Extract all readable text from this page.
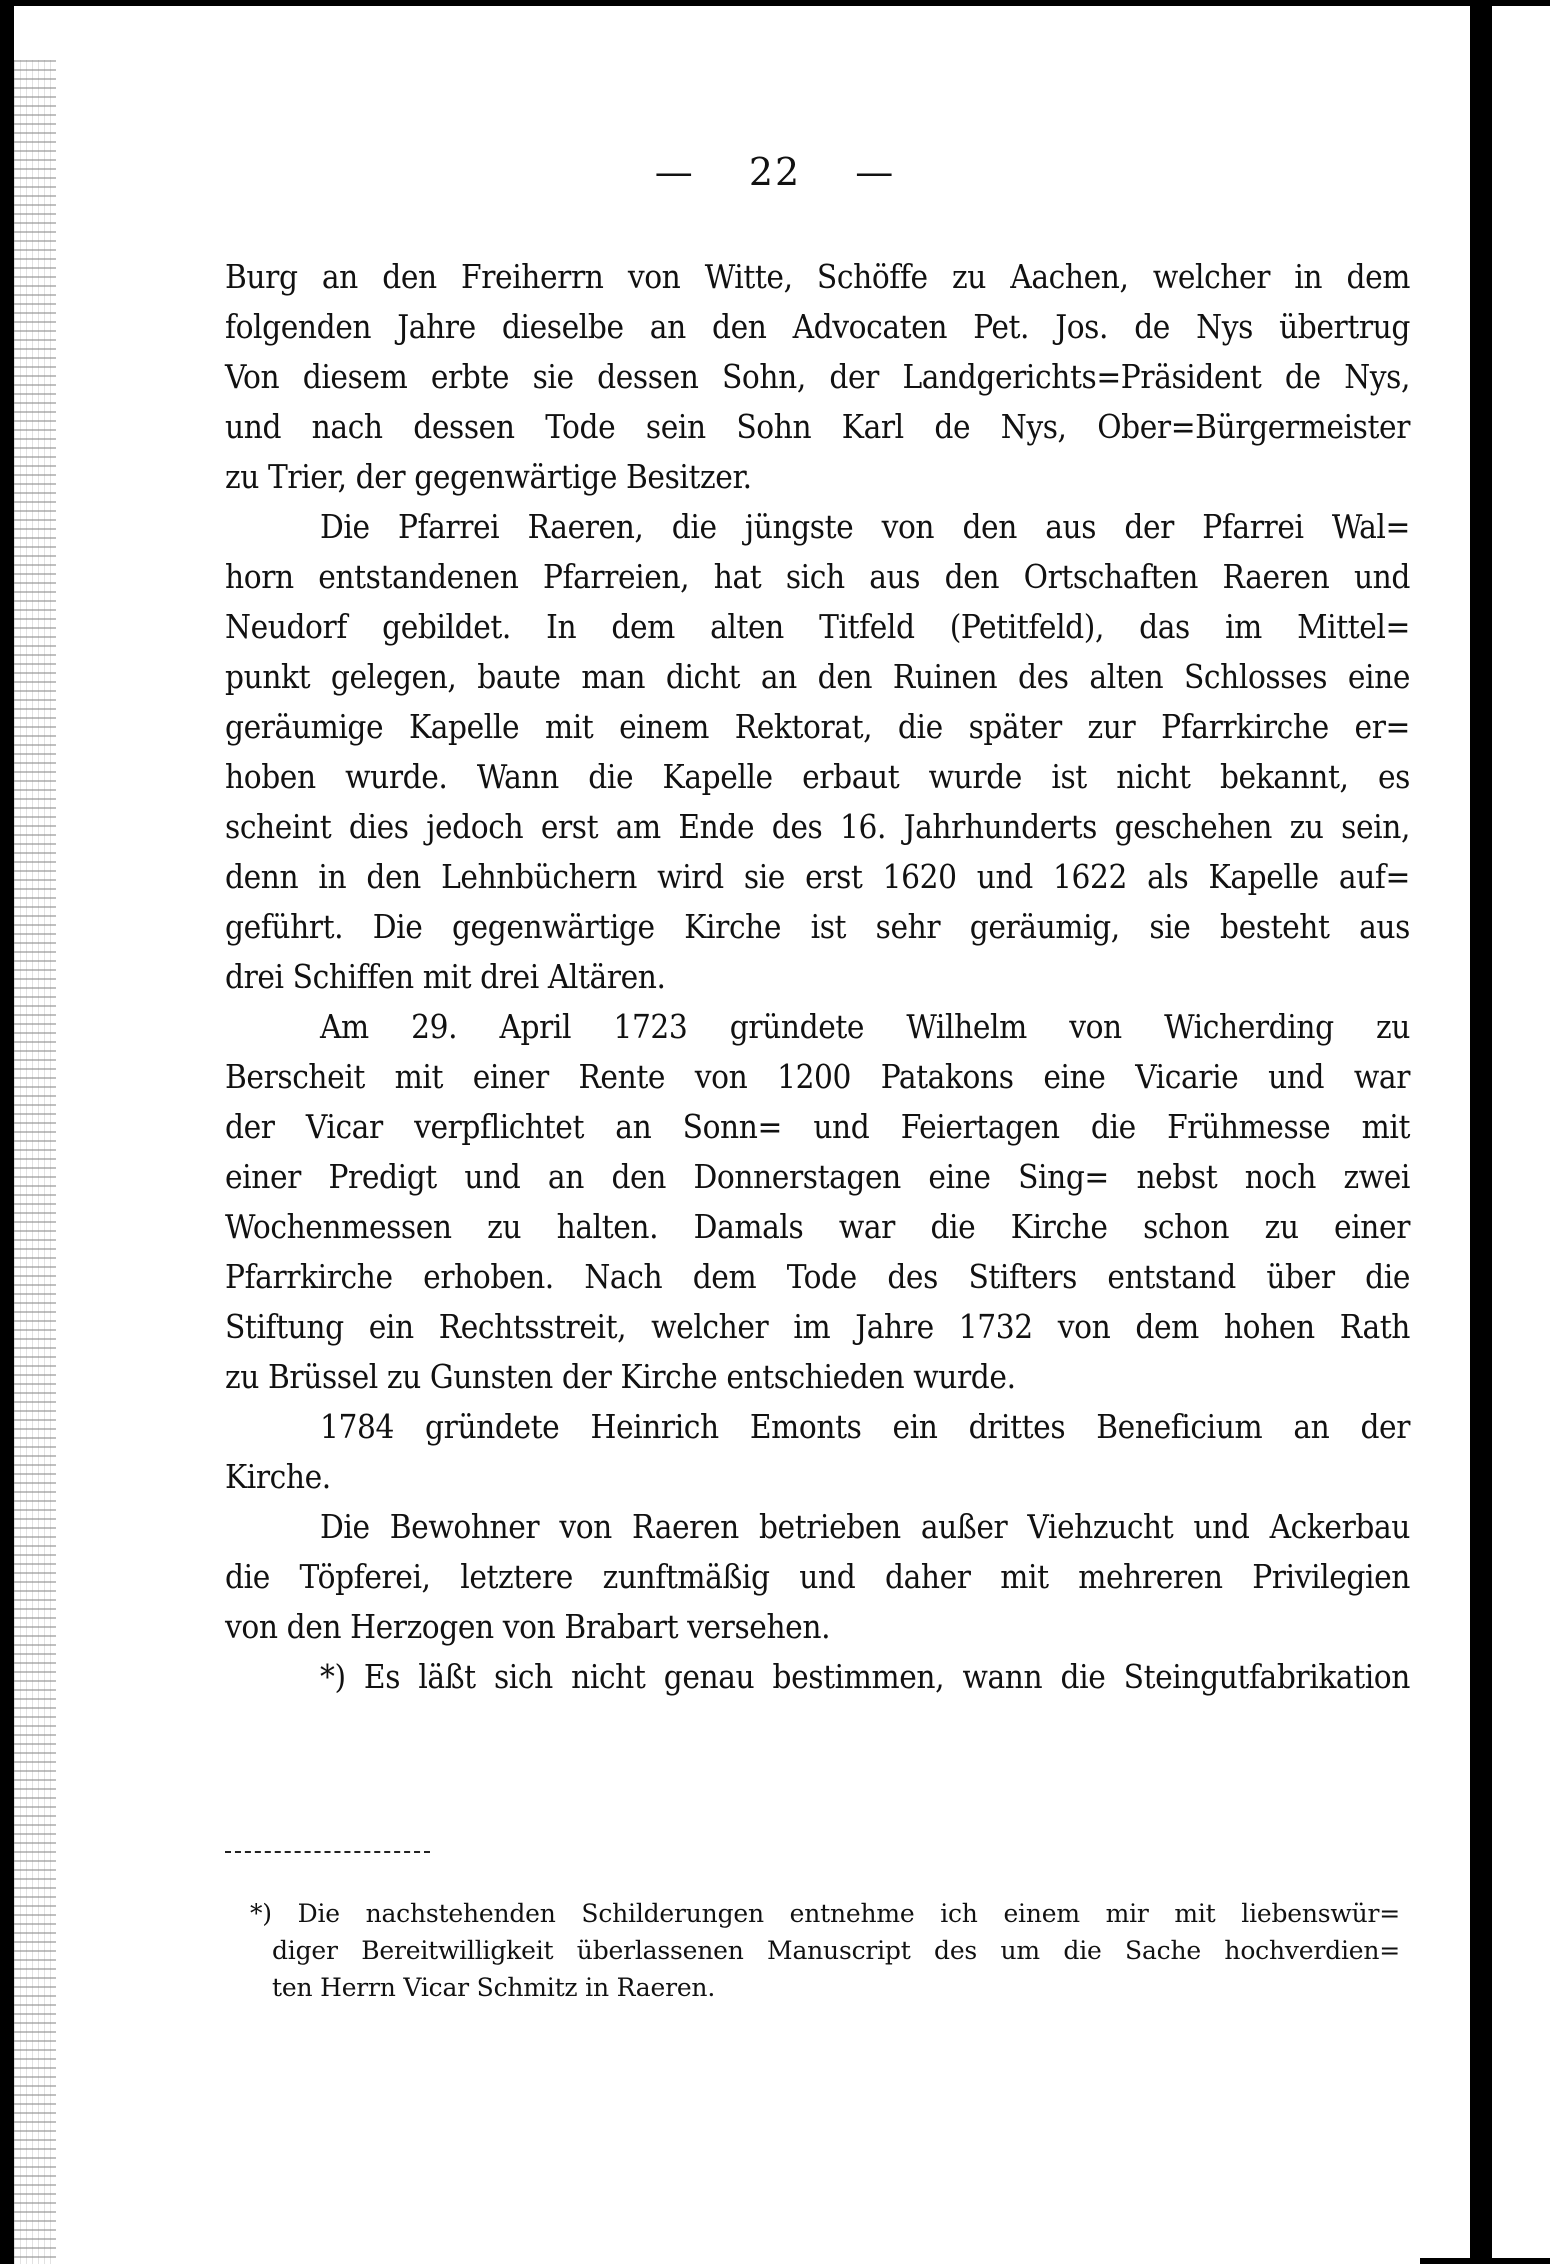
— 22 —
Burg an den Freiherrn von Witte, Schöffe zu Aachen, welcher in dem
folgenden Jahre dieselbe an den Advocaten Pet. Jos. de Nys übertrug
Von diesem erbte sie dessen Sohn, der Landgerichts=Präsident de Nys,
und nach dessen Tode sein Sohn Karl de Nys, Ober=Bürgermeister
zu Trier, der gegenwärtige Besitzer.
Die Pfarrei Raeren, die jüngste von den aus der Pfarrei Wal=
horn entstandenen Pfarreien, hat sich aus den Ortschaften Raeren und
Neudorf gebildet. In dem alten Titfeld (Petitfeld), das im Mittel=
punkt gelegen, baute man dicht an den Ruinen des alten Schlosses eine
geräumige Kapelle mit einem Rektorat, die später zur Pfarrkirche er=
hoben wurde. Wann die Kapelle erbaut wurde ist nicht bekannt, es
scheint dies jedoch erst am Ende des 16. Jahrhunderts geschehen zu sein,
denn in den Lehnbüchern wird sie erst 1620 und 1622 als Kapelle auf=
geführt. Die gegenwärtige Kirche ist sehr geräumig, sie besteht aus
drei Schiffen mit drei Altären.
Am 29. April 1723 gründete Wilhelm von Wicherding zu
Berscheit mit einer Rente von 1200 Patakons eine Vicarie und war
der Vicar verpflichtet an Sonn= und Feiertagen die Frühmesse mit
einer Predigt und an den Donnerstagen eine Sing= nebst noch zwei
Wochenmessen zu halten. Damals war die Kirche schon zu einer
Pfarrkirche erhoben. Nach dem Tode des Stifters entstand über die
Stiftung ein Rechtsstreit, welcher im Jahre 1732 von dem hohen Rath
zu Brüssel zu Gunsten der Kirche entschieden wurde.
1784 gründete Heinrich Emonts ein drittes Beneficium an der
Kirche.
Die Bewohner von Raeren betrieben außer Viehzucht und Ackerbau
die Töpferei, letztere zunftmäßig und daher mit mehreren Privilegien
von den Herzogen von Brabart versehen.
*) Es läßt sich nicht genau bestimmen, wann die Steingutfabrikation
*) Die nachstehenden Schilderungen entnehme ich einem mir mit liebenswür=
diger Bereitwilligkeit überlassenen Manuscript des um die Sache hochverdien=
ten Herrn Vicar Schmitz in Raeren.
